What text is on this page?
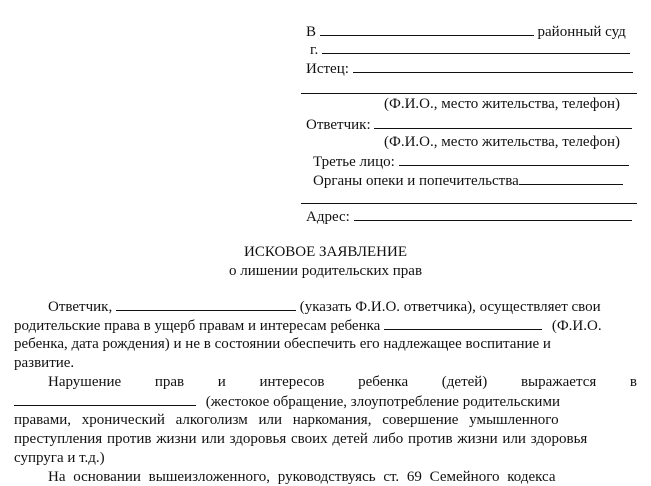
В	районный суд
г.
Истец:
(Ф.И.О., место жительства, телефон)
Ответчик:
(Ф.И.О., место жительства, телефон)
Третье лицо:
Органы опеки и попечительства
Адрес:
ИСКОВОЕ ЗАЯВЛЕНИЕ
о лишении родительских прав
Ответчик,	(указать Ф.И.О. ответчика), осуществляет свои
родительские права в ущерб правам и интересам ребенка	(Ф.И.О.
ребенка, дата рождения) и не в состоянии обеспечить его надлежащее воспитание и
развитие.
Нарушение прав и интересов ребенка (детей) выражается в
(жестокое обращение, злоупотребление родительскими
правами, хронический алкоголизм или наркомания, совершение умышленного
преступления против жизни или здоровья своих детей либо против жизни или здоровья
супруга и т.д.)
На основании вышеизложенного, руководствуясь ст. 69 Семейного кодекса
